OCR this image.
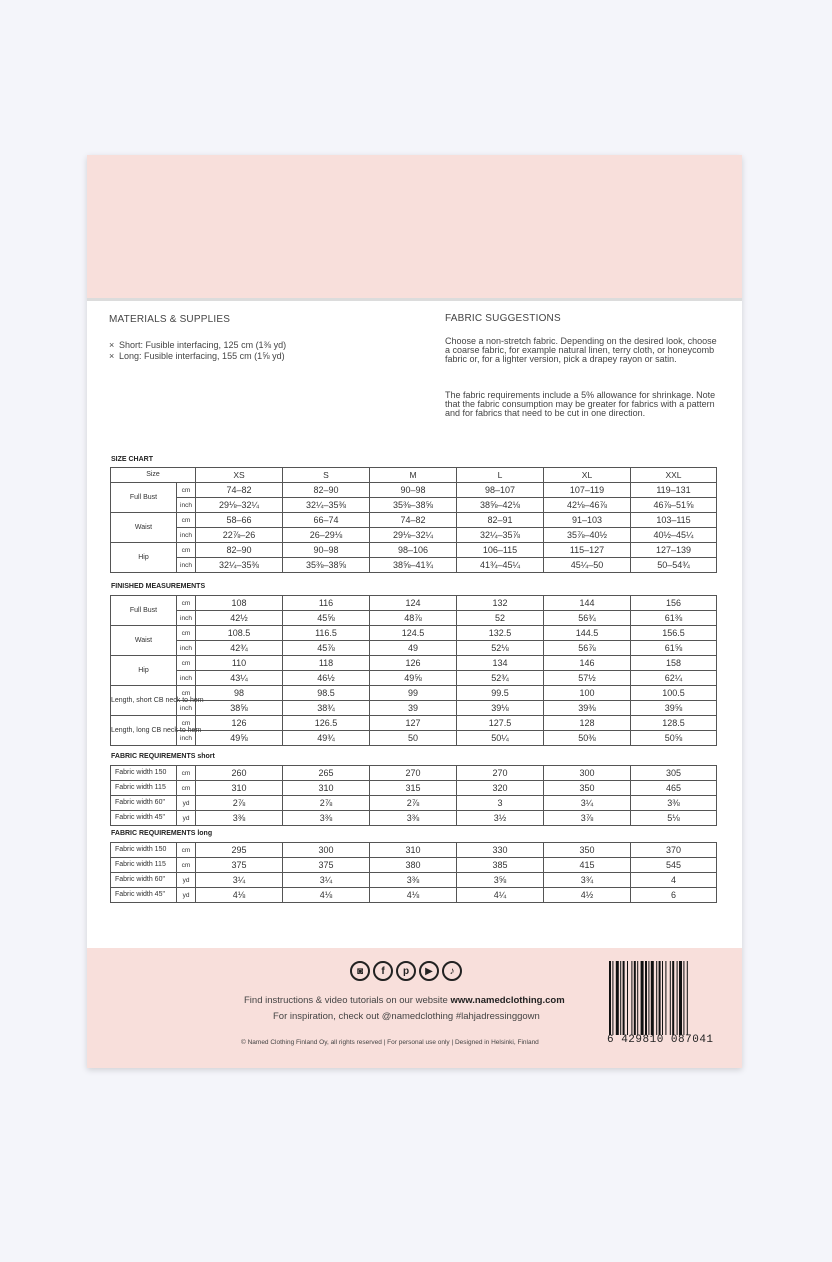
MATERIALS & SUPPLIES
× Short: Fusible interfacing, 125 cm (1⅜ yd)
× Long: Fusible interfacing, 155 cm (1⅝ yd)
FABRIC SUGGESTIONS

Choose a non-stretch fabric. Depending on the desired look, choose a coarse fabric, for example natural linen, terry cloth, or honeycomb fabric or, for a lighter version, pick a drapey rayon or satin.

The fabric requirements include a 5% allowance for shrinkage. Note that the fabric consumption may be greater for fabrics with a pattern and for fabrics that need to be cut in one direction.

SIZE CHART
Size		XS	S	M	L	XL	XXL
Full Bust	cm	74–82	82–90	90–98	98–107	107–119	119–131
	inch	29⅛–32¼	32¼–35⅜	35⅜–38⅝	38⅝–42⅛	42⅛–46⅞	46⅞–51⅝
Waist	cm	58–66	66–74	74–82	82–91	91–103	103–115
	inch	22⅞–26	26–29⅛	29⅛–32¼	32¼–35⅞	35⅞–40½	40½–45¼
Hip	cm	82–90	90–98	98–106	106–115	115–127	127–139
	inch	32¼–35⅜	35⅜–38⅝	38⅝–41¾	41¾–45¼	45¼–50	50–54¾
FINISHED MEASUREMENTS
Full Bust	cm	108	116	124	132	144	156
	inch	42½	45⅝	48⅞	52	56¾	61⅜
Waist	cm	108.5	116.5	124.5	132.5	144.5	156.5
	inch	42¾	45⅞	49	52⅛	56⅞	61⅝
Hip	cm	110	118	126	134	146	158
	inch	43¼	46½	49⅝	52¾	57½	62¼
Length, short CB neck to hem	cm	98	98.5	99	99.5	100	100.5
	inch	38⅝	38¾	39	39⅛	39⅜	39⅝
Length, long CB neck to hem	cm	126	126.5	127	127.5	128	128.5
	inch	49⅝	49¾	50	50¼	50⅜	50⅝
FABRIC REQUIREMENTS short
Fabric width 150	cm	260	265	270	270	300	305
Fabric width 115	cm	310	310	315	320	350	465
Fabric width 60"	yd	2⅞	2⅞	2⅞	3	3¼	3⅜
Fabric width 45"	yd	3⅜	3⅜	3⅜	3½	3⅞	5⅛
FABRIC REQUIREMENTS long
Fabric width 150	cm	295	300	310	330	350	370
Fabric width 115	cm	375	375	380	385	415	545
Fabric width 60"	yd	3¼	3¼	3⅜	3⅝	3¾	4
Fabric width 45"	yd	4⅛	4⅛	4⅛	4¼	4½	6
◙	f	p	▶	♪
Find instructions & video tutorials on our website www.namedclothing.com
For inspiration, check out @namedclothing #lahjadressinggown
© Named Clothing Finland Oy, all rights reserved | For personal use only | Designed in Helsinki, Finland	6 429810 087041
